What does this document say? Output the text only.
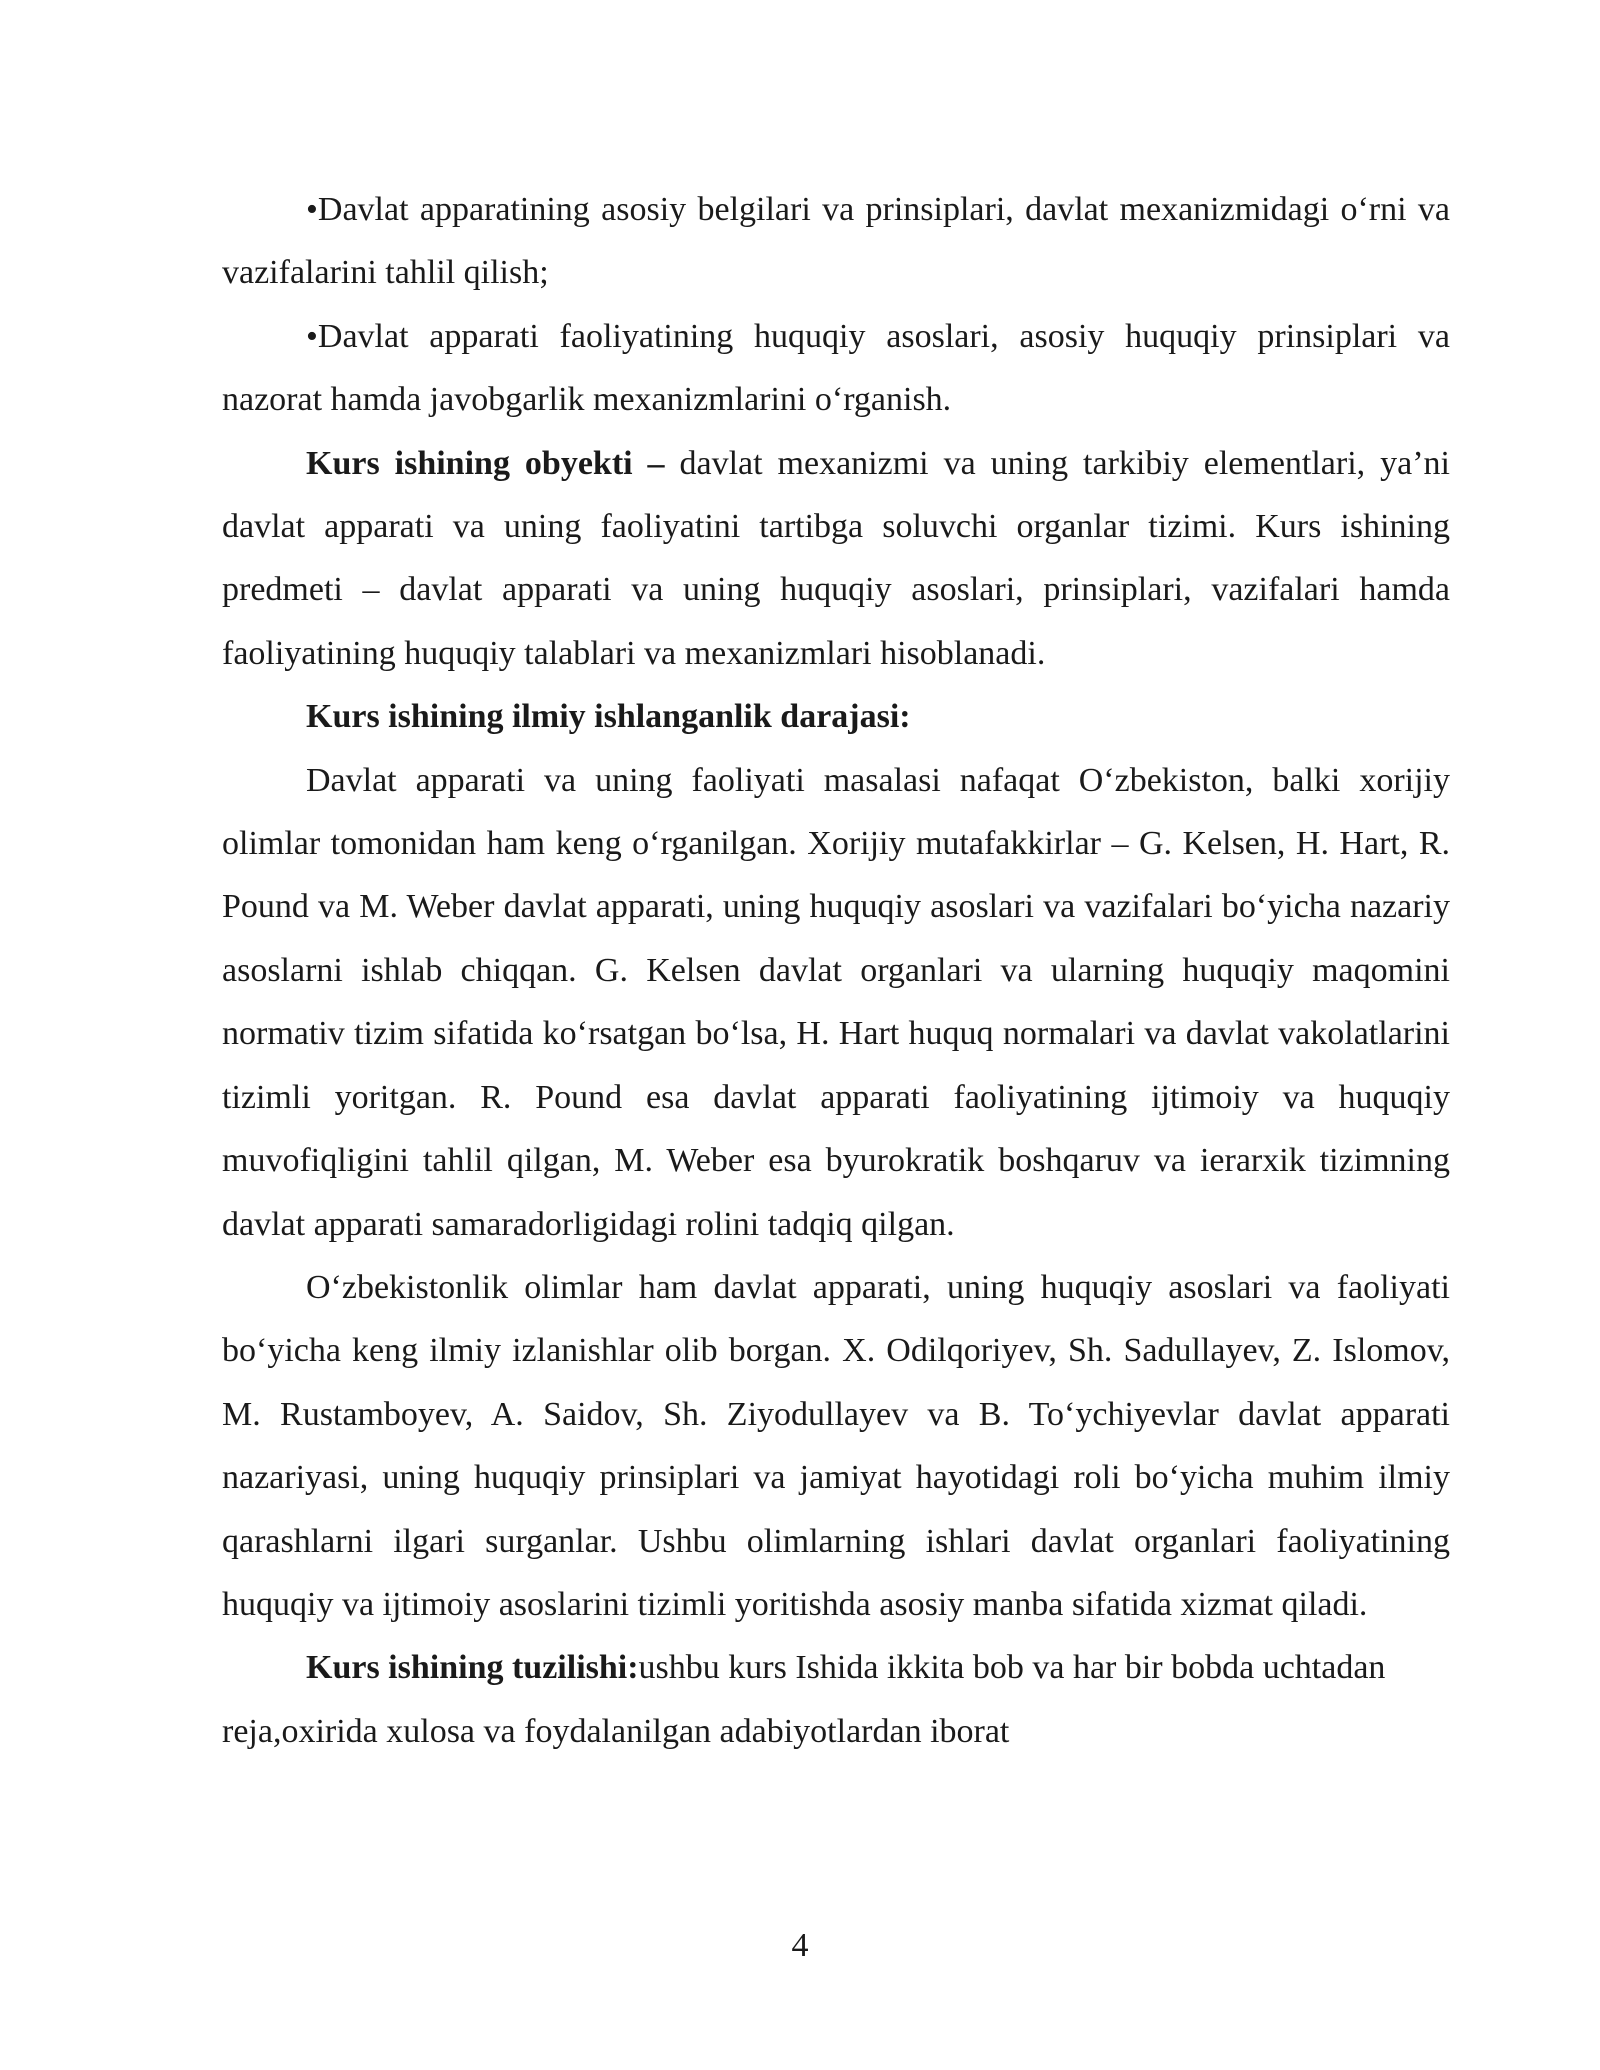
•Davlat apparatining asosiy belgilari va prinsiplari, davlat mexanizmidagi oʻrni va vazifalarini tahlil qilish;

•Davlat apparati faoliyatining huquqiy asoslari, asosiy huquqiy prinsiplari va nazorat hamda javobgarlik mexanizmlarini oʻrganish.

Kurs ishining obyekti – davlat mexanizmi va uning tarkibiy elementlari, ya’ni davlat apparati va uning faoliyatini tartibga soluvchi organlar tizimi. Kurs ishining predmeti – davlat apparati va uning huquqiy asoslari, prinsiplari, vazifalari hamda faoliyatining huquqiy talablari va mexanizmlari hisoblanadi.

Kurs ishining ilmiy ishlanganlik darajasi:

Davlat apparati va uning faoliyati masalasi nafaqat Oʻzbekiston, balki xorijiy olimlar tomonidan ham keng oʻrganilgan. Xorijiy mutafakkirlar – G. Kelsen, H. Hart, R. Pound va M. Weber davlat apparati, uning huquqiy asoslari va vazifalari boʻyicha nazariy asoslarni ishlab chiqqan. G. Kelsen davlat organlari va ularning huquqiy maqomini normativ tizim sifatida koʻrsatgan boʻlsa, H. Hart huquq normalari va davlat vakolatlarini tizimli yoritgan. R. Pound esa davlat apparati faoliyatining ijtimoiy va huquqiy muvofiqligini tahlil qilgan, M. Weber esa byurokratik boshqaruv va ierarxik tizimning davlat apparati samaradorligidagi rolini tadqiq qilgan.

Oʻzbekistonlik olimlar ham davlat apparati, uning huquqiy asoslari va faoliyati boʻyicha keng ilmiy izlanishlar olib borgan. X. Odilqoriyev, Sh. Sadullayev, Z. Islomov, M. Rustamboyev, A. Saidov, Sh. Ziyodullayev va B. Toʻychiyevlar davlat apparati nazariyasi, uning huquqiy prinsiplari va jamiyat hayotidagi roli boʻyicha muhim ilmiy qarashlarni ilgari surganlar. Ushbu olimlarning ishlari davlat organlari faoliyatining huquqiy va ijtimoiy asoslarini tizimli yoritishda asosiy manba sifatida xizmat qiladi.

Kurs ishining tuzilishi:ushbu kurs Ishida ikkita bob va har bir bobda uchtadan reja,oxirida xulosa va foydalanilgan adabiyotlardan iborat

4
